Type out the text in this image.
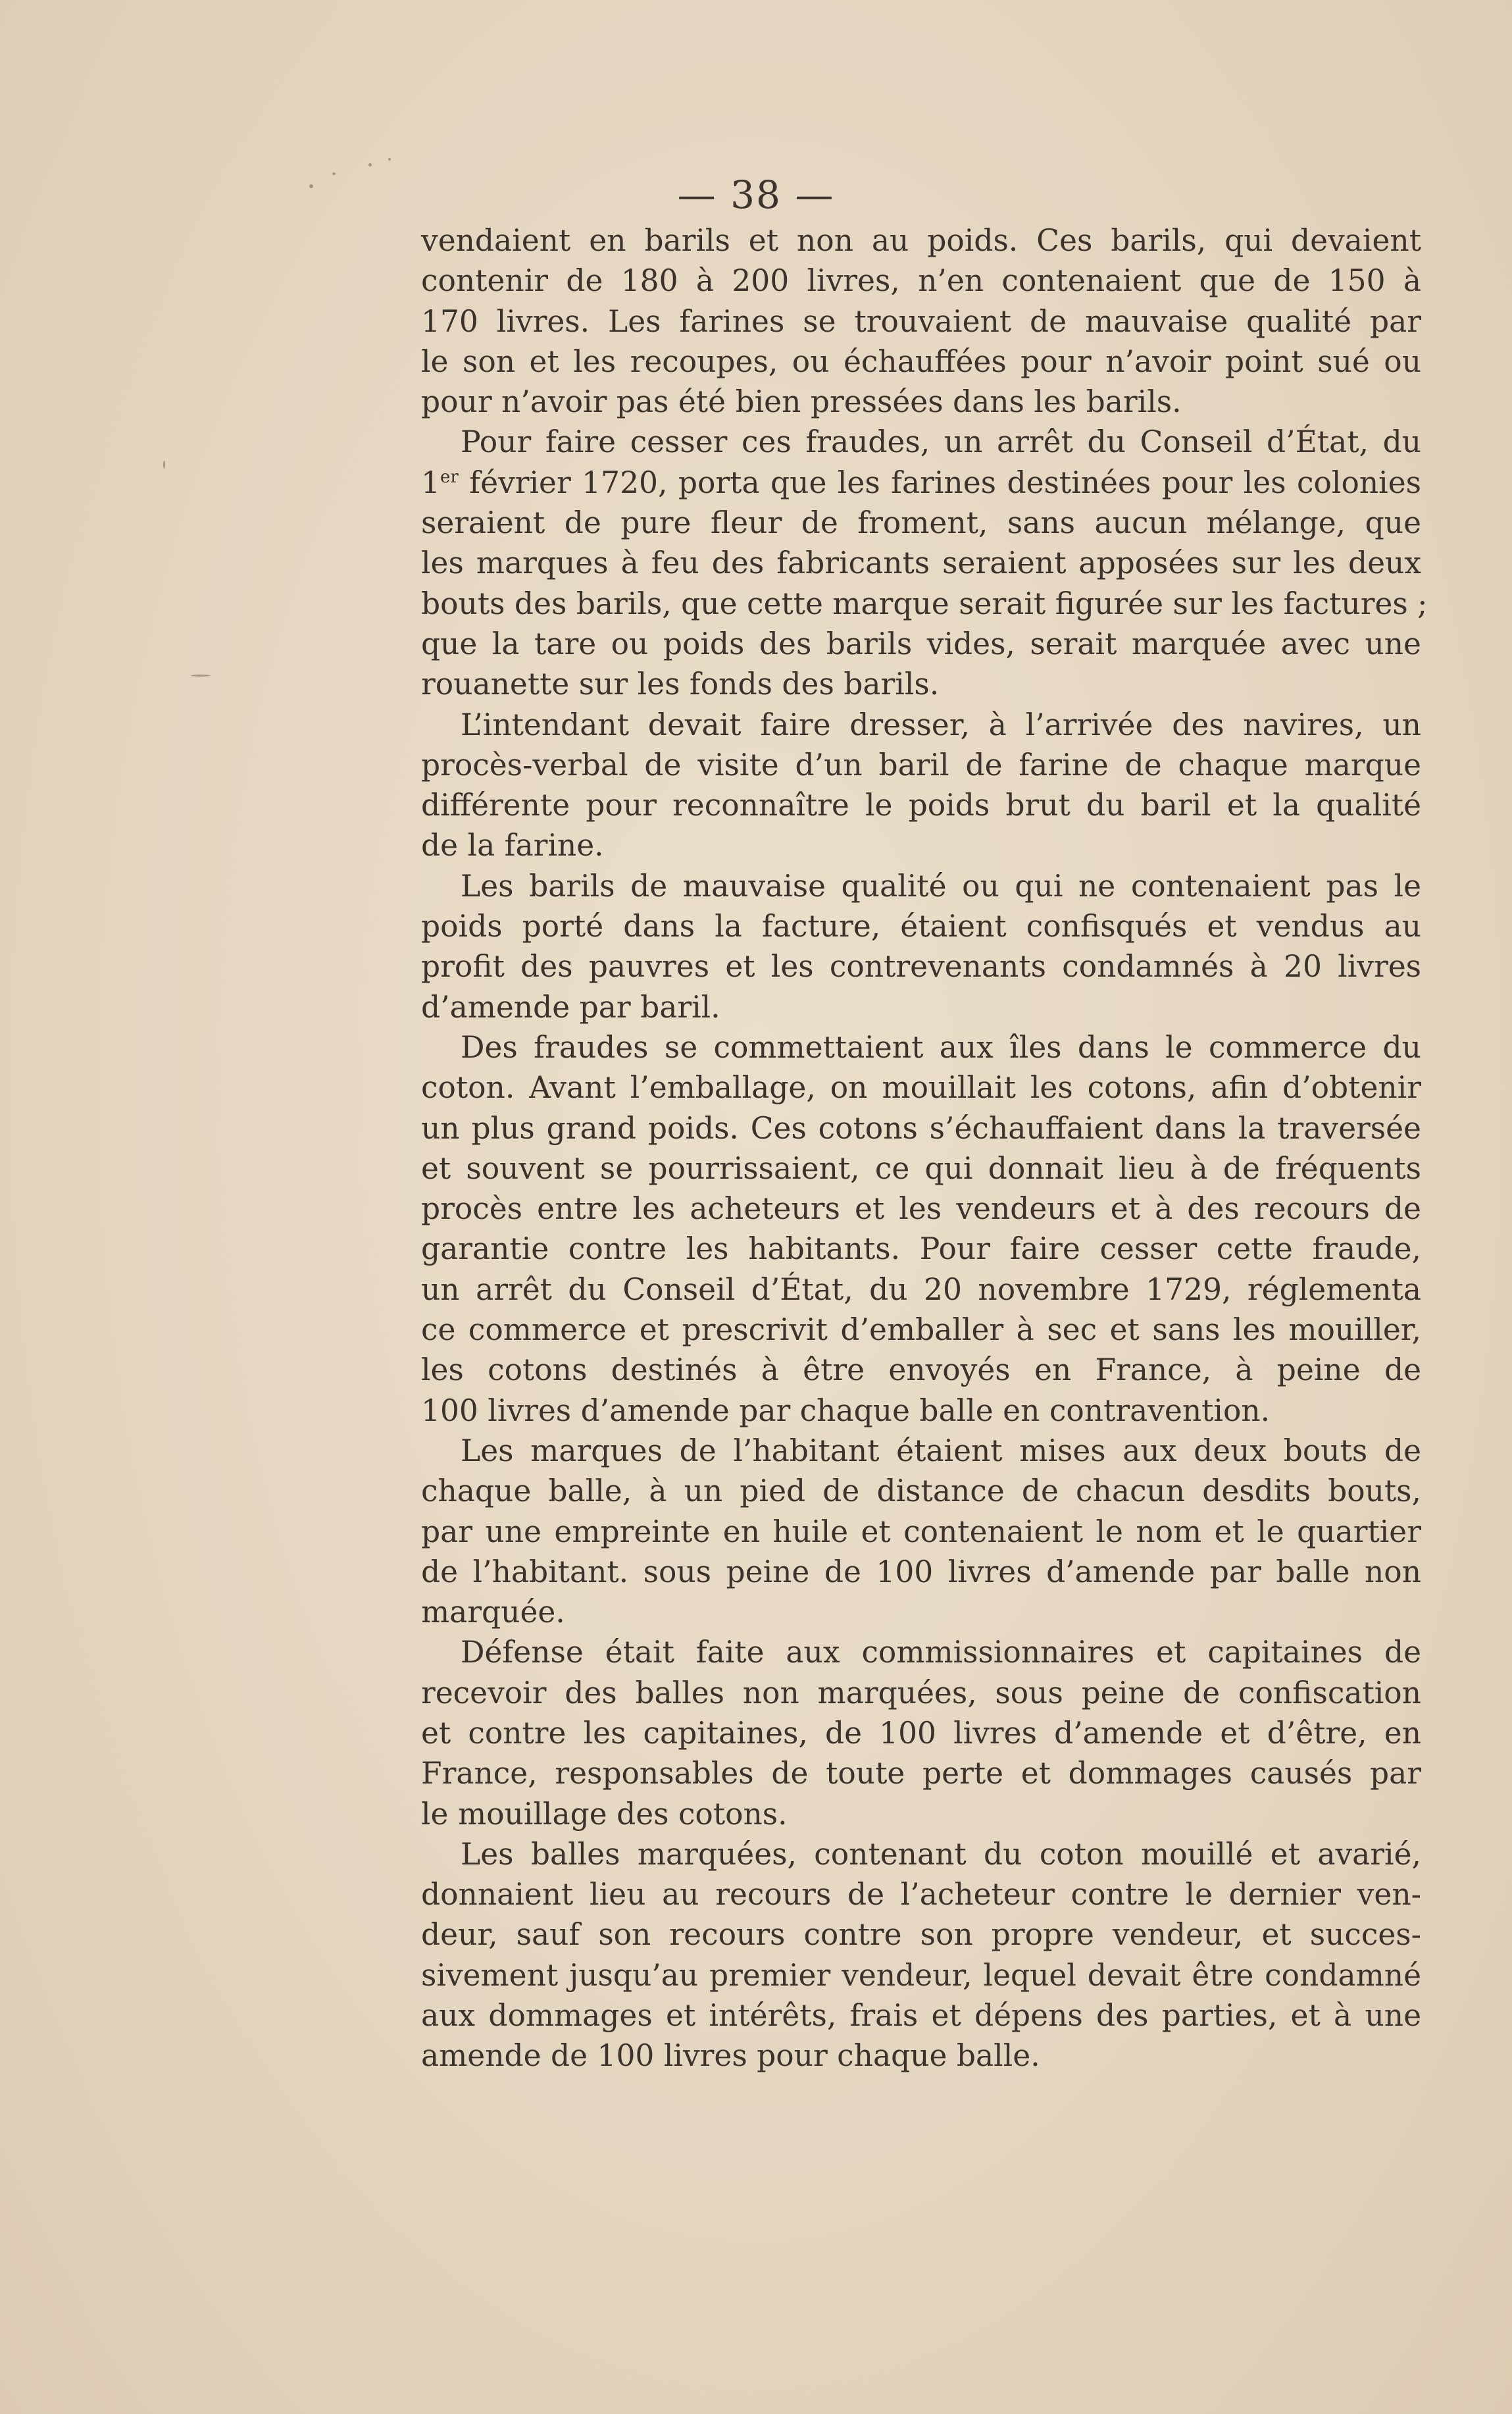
— 38 —
vendaient en barils et non au poids. Ces barils, qui devaient
contenir de 180 à 200 livres, n’en contenaient que de 150 à
170 livres. Les farines se trouvaient de mauvaise qualité par
le son et les recoupes, ou échauffées pour n’avoir point sué ou
pour n’avoir pas été bien pressées dans les barils.
Pour faire cesser ces fraudes, un arrêt du Conseil d’État, du
1er février 1720, porta que les farines destinées pour les colonies
seraient de pure fleur de froment, sans aucun mélange, que
les marques à feu des fabricants seraient apposées sur les deux
bouts des barils, que cette marque serait figurée sur les factures ;
que la tare ou poids des barils vides, serait marquée avec une
rouanette sur les fonds des barils.
L’intendant devait faire dresser, à l’arrivée des navires, un
procès-verbal de visite d’un baril de farine de chaque marque
différente pour reconnaître le poids brut du baril et la qualité
de la farine.
Les barils de mauvaise qualité ou qui ne contenaient pas le
poids porté dans la facture, étaient confisqués et vendus au
profit des pauvres et les contrevenants condamnés à 20 livres
d’amende par baril.
Des fraudes se commettaient aux îles dans le commerce du
coton. Avant l’emballage, on mouillait les cotons, afin d’obtenir
un plus grand poids. Ces cotons s’échauffaient dans la traversée
et souvent se pourrissaient, ce qui donnait lieu à de fréquents
procès entre les acheteurs et les vendeurs et à des recours de
garantie contre les habitants. Pour faire cesser cette fraude,
un arrêt du Conseil d’État, du 20 novembre 1729, réglementa
ce commerce et prescrivit d’emballer à sec et sans les mouiller,
les cotons destinés à être envoyés en France, à peine de
100 livres d’amende par chaque balle en contravention.
Les marques de l’habitant étaient mises aux deux bouts de
chaque balle, à un pied de distance de chacun desdits bouts,
par une empreinte en huile et contenaient le nom et le quartier
de l’habitant. sous peine de 100 livres d’amende par balle non
marquée.
Défense était faite aux commissionnaires et capitaines de
recevoir des balles non marquées, sous peine de confiscation
et contre les capitaines, de 100 livres d’amende et d’être, en
France, responsables de toute perte et dommages causés par
le mouillage des cotons.
Les balles marquées, contenant du coton mouillé et avarié,
donnaient lieu au recours de l’acheteur contre le dernier ven-
deur, sauf son recours contre son propre vendeur, et succes-
sivement jusqu’au premier vendeur, lequel devait être condamné
aux dommages et intérêts, frais et dépens des parties, et à une
amende de 100 livres pour chaque balle.
